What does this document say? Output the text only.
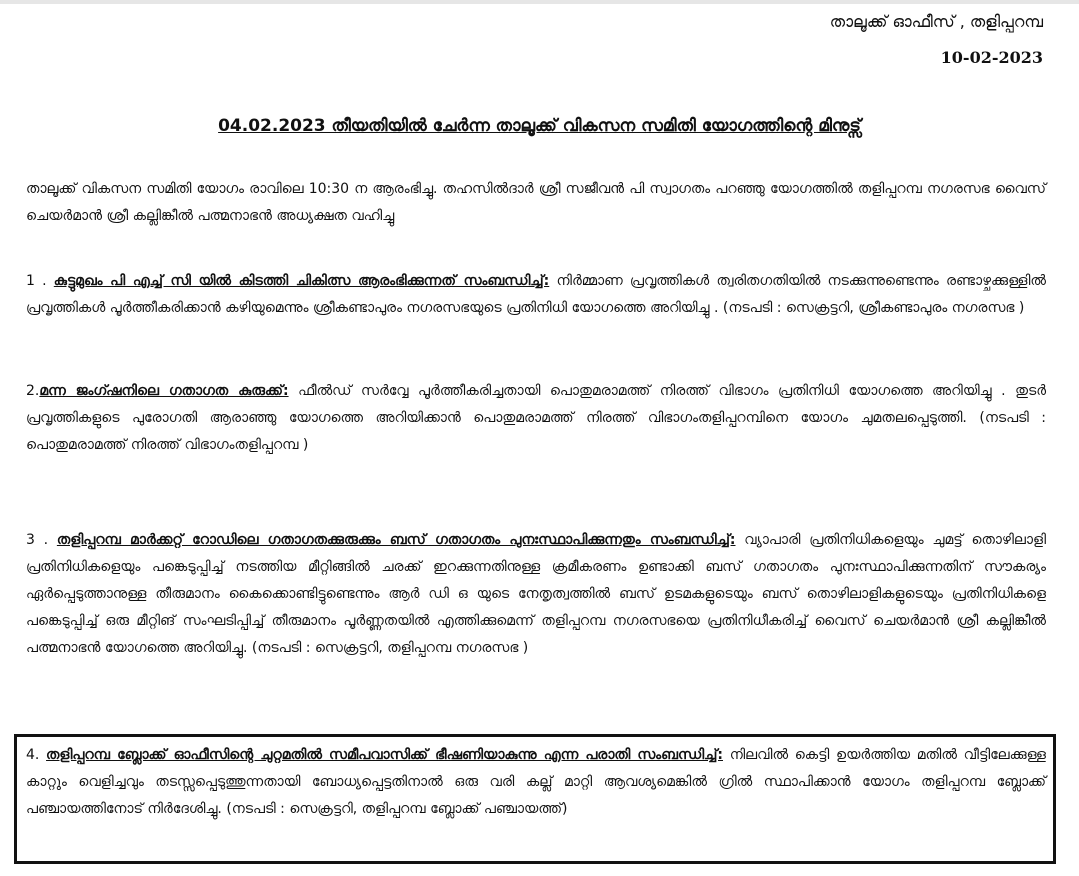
താലൂക്ക് ഓഫീസ് , തളിപ്പറമ്പ

10-02-2023

04.02.2023 തീയതിയിൽ ചേർന്ന താലൂക്ക് വികസന സമിതി യോഗത്തിന്റെ മിനുട്സ്

താലൂക്ക് വികസന സമിതി യോഗം രാവിലെ 10:30 ന ആരംഭിച്ചു. തഹസിൽദാർ ശ്രീ സജീവൻ പി സ്വാഗതം പറഞ്ഞു യോഗത്തിൽ തളിപ്പറമ്പ നഗരസഭ വൈസ് ചെയർമാൻ ശ്രീ കല്ലിങ്കീൽ പത്മനാഭൻ അധ്യക്ഷത വഹിച്ചു

1 . കുട്ടുമുഖം പി എച്ച് സി യിൽ കിടത്തി ചികിത്സ ആരംഭിക്കുന്നത് സംബന്ധിച്ച്: നിർമ്മാണ പ്രവൃത്തികൾ ത്വരിതഗതിയിൽ നടക്കുന്നുണ്ടെന്നും രണ്ടാഴ്ചക്കുള്ളിൽ പ്രവൃത്തികൾ പൂർത്തീകരിക്കാൻ കഴിയുമെന്നും ശ്രീകണ്ടാപുരം നഗരസഭയുടെ പ്രതിനിധി യോഗത്തെ അറിയിച്ചു . (നടപടി : സെക്രട്ടറി, ശ്രീകണ്ടാപുരം നഗരസഭ )

2.മന്ന ജംഗ്ഷനിലെ ഗതാഗത കുരുക്ക്: ഫീൽഡ് സർവ്വേ പൂർത്തീകരിച്ചതായി പൊതുമരാമത്ത് നിരത്ത് വിഭാഗം പ്രതിനിധി യോഗത്തെ അറിയിച്ചു . തുടർ പ്രവൃത്തികളുടെ പുരോഗതി ആരാഞ്ഞു യോഗത്തെ അറിയിക്കാൻ പൊതുമരാമത്ത് നിരത്ത് വിഭാഗംതളിപ്പറമ്പിനെ യോഗം ചുമതലപ്പെടുത്തി. (നടപടി : പൊതുമരാമത്ത് നിരത്ത് വിഭാഗംതളിപ്പറമ്പ )

3 . തളിപ്പറമ്പ മാർക്കറ്റ് റോഡിലെ ഗതാഗതക്കുരുക്കും ബസ് ഗതാഗതം പുനഃസ്ഥാപിക്കുന്നതും സംബന്ധിച്ച്: വ്യാപാരി പ്രതിനിധികളെയും ചുമട്ട് തൊഴിലാളി പ്രതിനിധികളെയും പങ്കെടുപ്പിച്ച് നടത്തിയ മീറ്റിങ്ങിൽ ചരക്ക് ഇറക്കുന്നതിനുള്ള ക്രമീകരണം ഉണ്ടാക്കി ബസ് ഗതാഗതം പുനഃസ്ഥാപിക്കുന്നതിന് സൗകര്യം ഏർപ്പെടുത്താനുള്ള തീരുമാനം കൈക്കൊണ്ടിട്ടുണ്ടെന്നും ആർ ഡി ഒ യുടെ നേതൃത്വത്തിൽ ബസ് ഉടമകളുടെയും ബസ് തൊഴിലാളികളുടെയും പ്രതിനിധികളെ പങ്കെടുപ്പിച്ച് ഒരു മീറ്റിങ് സംഘടിപ്പിച്ച് തീരുമാനം പൂർണ്ണതയിൽ എത്തിക്കുമെന്ന് തളിപ്പറമ്പ നഗരസഭയെ പ്രതിനിധീകരിച്ച് വൈസ് ചെയർമാൻ ശ്രീ കല്ലിങ്കീൽ പത്മനാഭൻ യോഗത്തെ അറിയിച്ചു. (നടപടി : സെക്രട്ടറി, തളിപ്പറമ്പ നഗരസഭ )

4. തളിപ്പറമ്പ ബ്ലോക്ക് ഓഫീസിന്റെ ചുറ്റമതിൽ സമീപവാസിക്ക് ഭീഷണിയാകുന്നു എന്ന പരാതി സംബന്ധിച്ച്: നിലവിൽ കെട്ടി ഉയർത്തിയ മതിൽ വീട്ടിലേക്കുള്ള കാറ്റും വെളിച്ചവും തടസ്സപ്പെടുത്തുന്നതായി ബോധ്യപ്പെട്ടതിനാൽ ഒരു വരി കല്ല് മാറ്റി ആവശ്യമെങ്കിൽ ഗ്രിൽ സ്ഥാപിക്കാൻ യോഗം തളിപ്പറമ്പ ബ്ലോക്ക് പഞ്ചായത്തിനോട് നിർദേശിച്ചു. (നടപടി : സെക്രട്ടറി, തളിപ്പറമ്പ ബ്ലോക്ക് പഞ്ചായത്ത്)
